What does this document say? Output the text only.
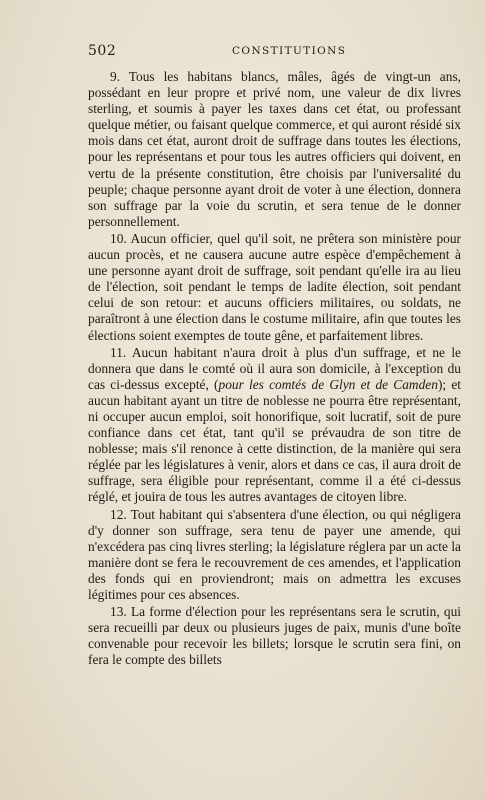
502	CONSTITUTIONS

9. Tous les habitans blancs, mâles, âgés de vingt-un ans, possédant en leur propre et privé nom, une valeur de dix livres sterling, et soumis à payer les taxes dans cet état, ou professant quelque métier, ou faisant quelque commerce, et qui auront résidé six mois dans cet état, auront droit de suffrage dans toutes les élections, pour les représentans et pour tous les autres officiers qui doivent, en vertu de la présente constitution, être choisis par l'universalité du peuple; chaque personne ayant droit de voter à une élection, donnera son suffrage par la voie du scrutin, et sera tenue de le donner personnellement.

10. Aucun officier, quel qu'il soit, ne prêtera son ministère pour aucun procès, et ne causera aucune autre espèce d'empêchement à une personne ayant droit de suffrage, soit pendant qu'elle ira au lieu de l'élection, soit pendant le temps de ladite élection, soit pendant celui de son retour: et aucuns officiers militaires, ou soldats, ne paraîtront à une élection dans le costume militaire, afin que toutes les élections soient exemptes de toute gêne, et parfaitement libres.

11. Aucun habitant n'aura droit à plus d'un suffrage, et ne le donnera que dans le comté où il aura son domicile, à l'exception du cas ci-dessus excepté, (pour les comtés de Glyn et de Camden); et aucun habitant ayant un titre de noblesse ne pourra être représentant, ni occuper aucun emploi, soit honorifique, soit lucratif, soit de pure confiance dans cet état, tant qu'il se prévaudra de son titre de noblesse; mais s'il renonce à cette distinction, de la manière qui sera réglée par les législatures à venir, alors et dans ce cas, il aura droit de suffrage, sera éligible pour représentant, comme il a été ci-dessus réglé, et jouira de tous les autres avantages de citoyen libre.

12. Tout habitant qui s'absentera d'une élection, ou qui négligera d'y donner son suffrage, sera tenu de payer une amende, qui n'excédera pas cinq livres sterling; la législature réglera par un acte la manière dont se fera le recouvrement de ces amendes, et l'application des fonds qui en proviendront; mais on admettra les excuses légitimes pour ces absences.

13. La forme d'élection pour les représentans sera le scrutin, qui sera recueilli par deux ou plusieurs juges de paix, munis d'une boîte convenable pour recevoir les billets; lorsque le scrutin sera fini, on fera le compte des billets
